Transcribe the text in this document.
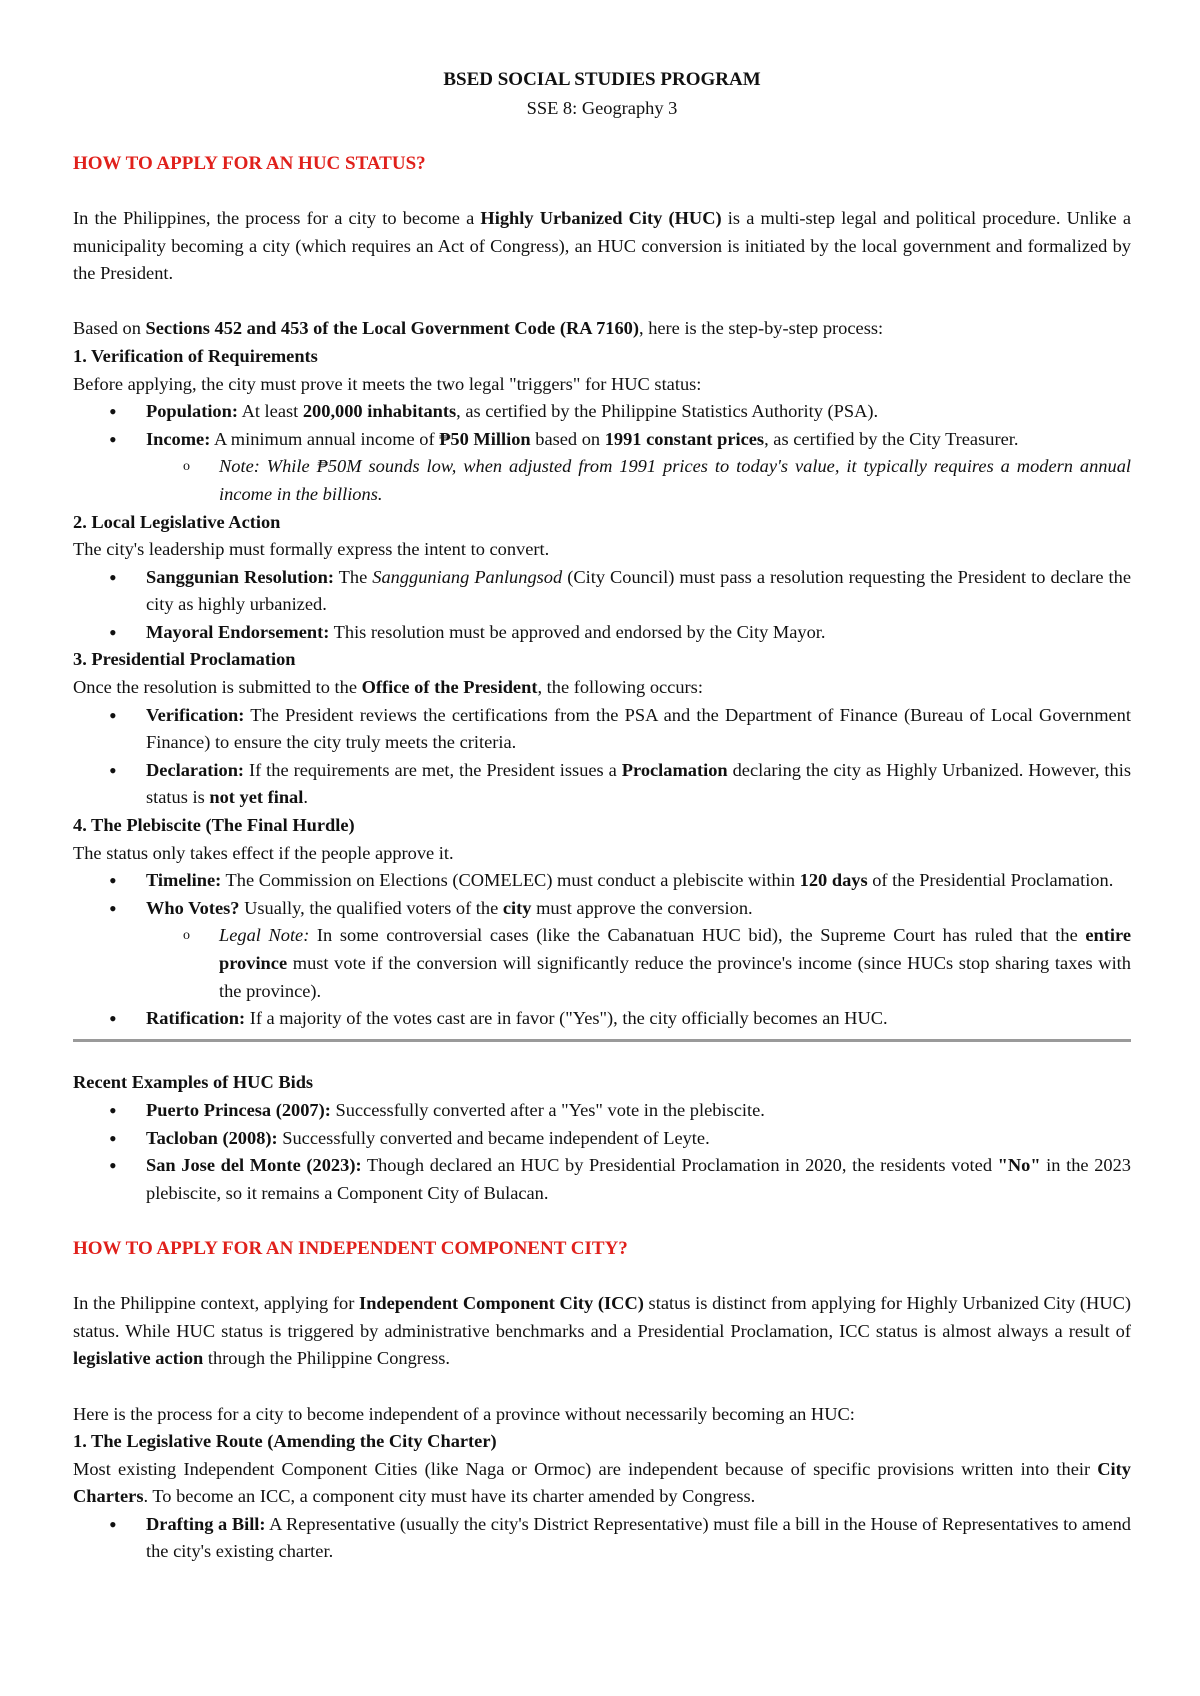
BSED SOCIAL STUDIES PROGRAM
SSE 8: Geography 3
HOW TO APPLY FOR AN HUC STATUS?

In the Philippines, the process for a city to become a Highly Urbanized City (HUC) is a multi-step legal and political procedure. Unlike a municipality becoming a city (which requires an Act of Congress), an HUC conversion is initiated by the local government and formalized by the President.

Based on Sections 452 and 453 of the Local Government Code (RA 7160), here is the step-by-step process:

1. Verification of Requirements

Before applying, the city must prove it meets the two legal "triggers" for HUC status:

• Population: At least 200,000 inhabitants, as certified by the Philippine Statistics Authority (PSA).
• Income: A minimum annual income of ₱50 Million based on 1991 constant prices, as certified by the City Treasurer.
o Note: While ₱50M sounds low, when adjusted from 1991 prices to today's value, it typically requires a modern annual income in the billions.

2. Local Legislative Action

The city's leadership must formally express the intent to convert.

• Sanggunian Resolution: The Sangguniang Panlungsod (City Council) must pass a resolution requesting the President to declare the city as highly urbanized.
• Mayoral Endorsement: This resolution must be approved and endorsed by the City Mayor.

3. Presidential Proclamation

Once the resolution is submitted to the Office of the President, the following occurs:

• Verification: The President reviews the certifications from the PSA and the Department of Finance (Bureau of Local Government Finance) to ensure the city truly meets the criteria.
• Declaration: If the requirements are met, the President issues a Proclamation declaring the city as Highly Urbanized. However, this status is not yet final.

4. The Plebiscite (The Final Hurdle)

The status only takes effect if the people approve it.

• Timeline: The Commission on Elections (COMELEC) must conduct a plebiscite within 120 days of the Presidential Proclamation.
• Who Votes? Usually, the qualified voters of the city must approve the conversion.
o Legal Note: In some controversial cases (like the Cabanatuan HUC bid), the Supreme Court has ruled that the entire province must vote if the conversion will significantly reduce the province's income (since HUCs stop sharing taxes with the province).
• Ratification: If a majority of the votes cast are in favor ("Yes"), the city officially becomes an HUC.

Recent Examples of HUC Bids

• Puerto Princesa (2007): Successfully converted after a "Yes" vote in the plebiscite.
• Tacloban (2008): Successfully converted and became independent of Leyte.
• San Jose del Monte (2023): Though declared an HUC by Presidential Proclamation in 2020, the residents voted "No" in the 2023 plebiscite, so it remains a Component City of Bulacan.
HOW TO APPLY FOR AN INDEPENDENT COMPONENT CITY?

In the Philippine context, applying for Independent Component City (ICC) status is distinct from applying for Highly Urbanized City (HUC) status. While HUC status is triggered by administrative benchmarks and a Presidential Proclamation, ICC status is almost always a result of legislative action through the Philippine Congress.

Here is the process for a city to become independent of a province without necessarily becoming an HUC:

1. The Legislative Route (Amending the City Charter)

Most existing Independent Component Cities (like Naga or Ormoc) are independent because of specific provisions written into their City Charters. To become an ICC, a component city must have its charter amended by Congress.

• Drafting a Bill: A Representative (usually the city's District Representative) must file a bill in the House of Representatives to amend the city's existing charter.
